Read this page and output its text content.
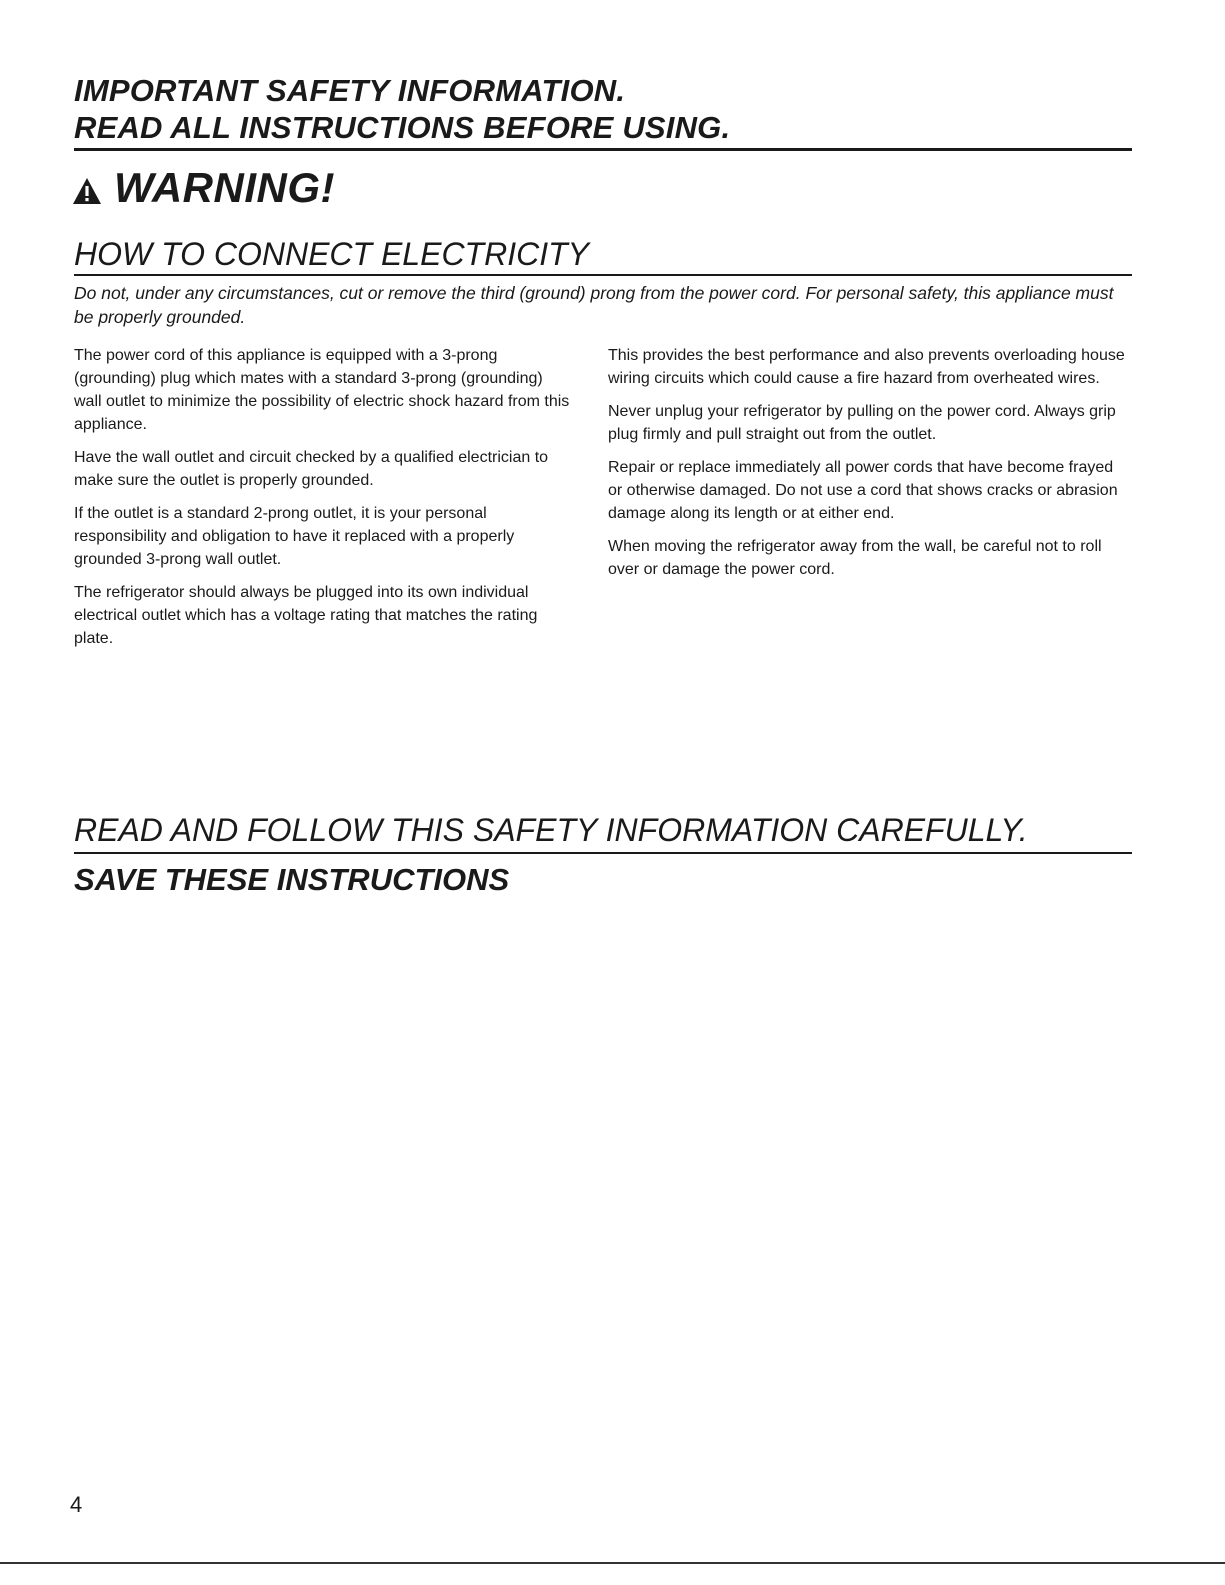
IMPORTANT SAFETY INFORMATION.
READ ALL INSTRUCTIONS BEFORE USING.
WARNING!
HOW TO CONNECT ELECTRICITY
Do not, under any circumstances, cut or remove the third (ground) prong from the power cord. For personal safety, this appliance must be properly grounded.

The power cord of this appliance is equipped with a 3-prong (grounding) plug which mates with a standard 3-prong (grounding) wall outlet to minimize the possibility of electric shock hazard from this appliance.

Have the wall outlet and circuit checked by a qualified electrician to make sure the outlet is properly grounded.

If the outlet is a standard 2-prong outlet, it is your personal responsibility and obligation to have it replaced with a properly grounded 3-prong wall outlet.

The refrigerator should always be plugged into its own individual electrical outlet which has a voltage rating that matches the rating plate.

This provides the best performance and also prevents overloading house wiring circuits which could cause a fire hazard from overheated wires.

Never unplug your refrigerator by pulling on the power cord. Always grip plug firmly and pull straight out from the outlet.

Repair or replace immediately all power cords that have become frayed or otherwise damaged. Do not use a cord that shows cracks or abrasion damage along its length or at either end.

When moving the refrigerator away from the wall, be careful not to roll over or damage the power cord.

READ AND FOLLOW THIS SAFETY INFORMATION CAREFULLY.
SAVE THESE INSTRUCTIONS
4
